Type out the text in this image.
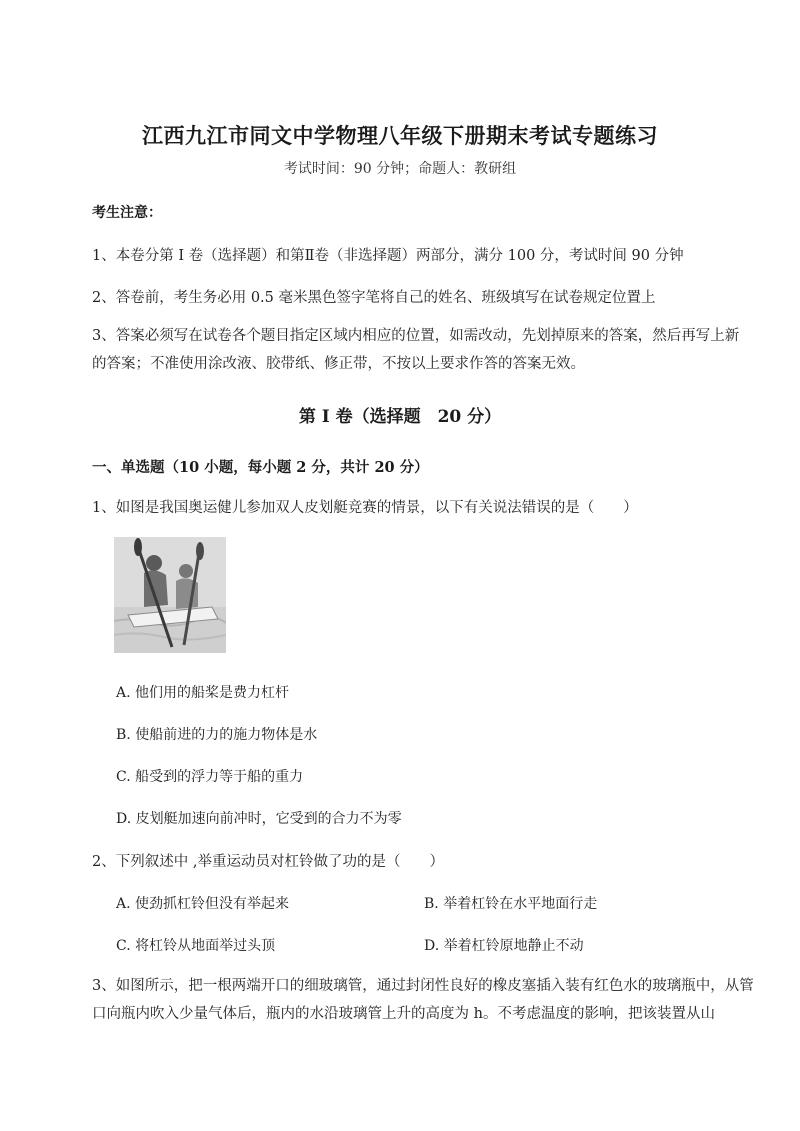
江西九江市同文中学物理八年级下册期末考试专题练习
考试时间：90 分钟；命题人：教研组
考生注意：
1、本卷分第 I 卷（选择题）和第Ⅱ卷（非选择题）两部分，满分 100 分，考试时间 90 分钟
2、答卷前，考生务必用 0.5 毫米黑色签字笔将自己的姓名、班级填写在试卷规定位置上
3、答案必须写在试卷各个题目指定区域内相应的位置，如需改动，先划掉原来的答案，然后再写上新的答案；不准使用涂改液、胶带纸、修正带，不按以上要求作答的答案无效。
第 I 卷（选择题　20 分）
一、单选题（10 小题，每小题 2 分，共计 20 分）
1、如图是我国奥运健儿参加双人皮划艇竞赛的情景，以下有关说法错误的是（　　）
A. 他们用的船桨是费力杠杆
B. 使船前进的力的施力物体是水
C. 船受到的浮力等于船的重力
D. 皮划艇加速向前冲时，它受到的合力不为零
2、下列叙述中 ,举重运动员对杠铃做了功的是（　　）
A. 使劲抓杠铃但没有举起来	B. 举着杠铃在水平地面行走
C. 将杠铃从地面举过头顶	D. 举着杠铃原地静止不动
3、如图所示，把一根两端开口的细玻璃管，通过封闭性良好的橡皮塞插入装有红色水的玻璃瓶中，从管口向瓶内吹入少量气体后，瓶内的水沿玻璃管上升的高度为 h。不考虑温度的影响，把该装置从山
